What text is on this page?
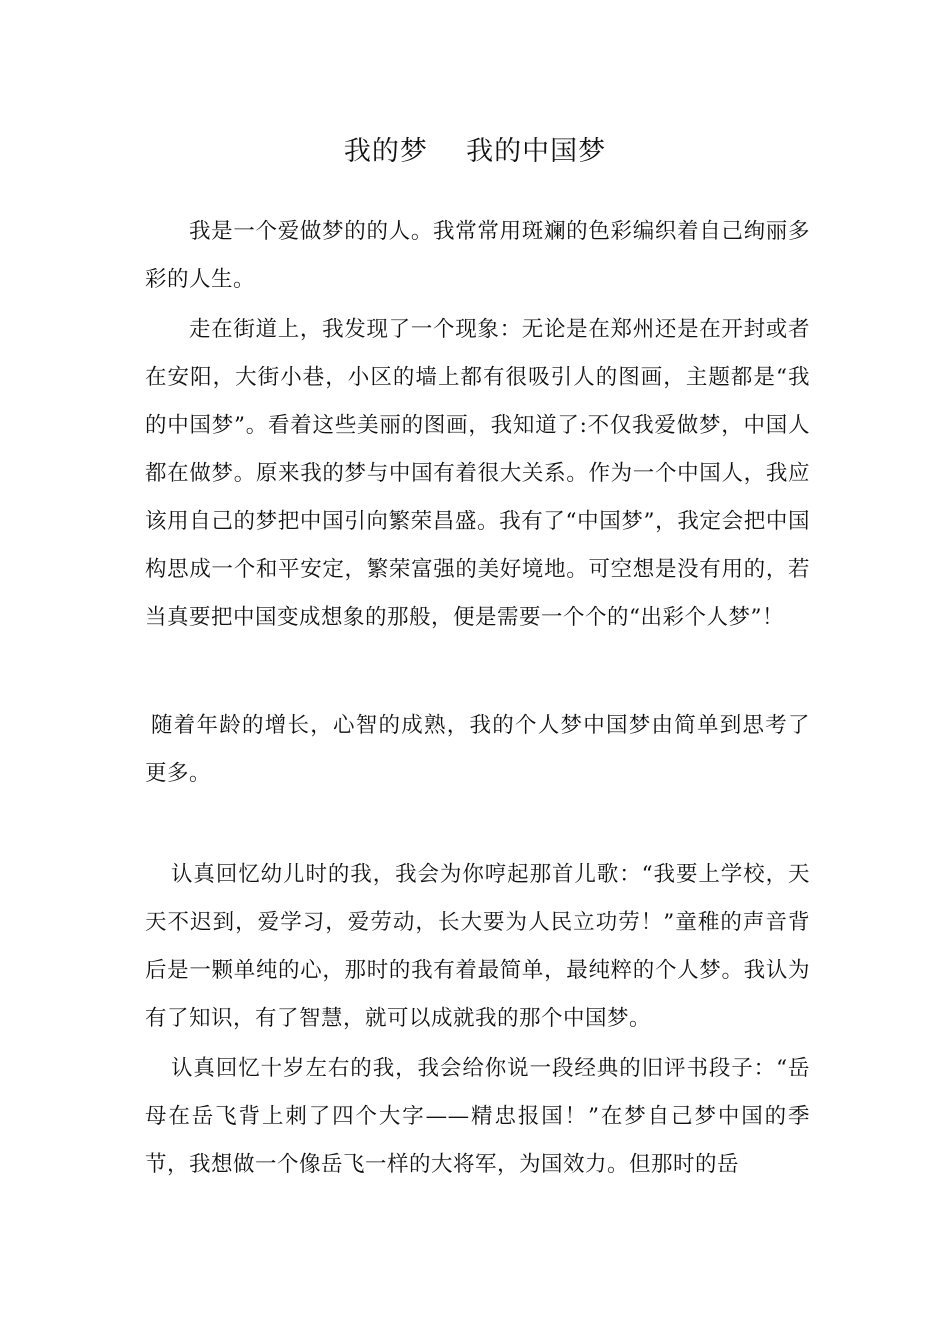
我的梦    我的中国梦
我是一个爱做梦的的人。我常常用斑斓的色彩编织着自己绚丽多彩的人生。
走在街道上，我发现了一个现象：无论是在郑州还是在开封或者在安阳，大街小巷，小区的墙上都有很吸引人的图画，主题都是“我的中国梦”。看着这些美丽的图画，我知道了:不仅我爱做梦，中国人都在做梦。原来我的梦与中国有着很大关系。作为一个中国人，我应该用自己的梦把中国引向繁荣昌盛。我有了“中国梦”，我定会把中国构思成一个和平安定，繁荣富强的美好境地。可空想是没有用的，若当真要把中国变成想象的那般，便是需要一个个的“出彩个人梦”！
随着年龄的增长，心智的成熟，我的个人梦中国梦由简单到思考了更多。
认真回忆幼儿时的我，我会为你哼起那首儿歌：“我要上学校，天天不迟到，爱学习，爱劳动，长大要为人民立功劳！”童稚的声音背后是一颗单纯的心，那时的我有着最简单，最纯粹的个人梦。我认为有了知识，有了智慧，就可以成就我的那个中国梦。
认真回忆十岁左右的我，我会给你说一段经典的旧评书段子：“岳母在岳飞背上刺了四个大字——精忠报国！”在梦自己梦中国的季节，我想做一个像岳飞一样的大将军，为国效力。但那时的岳
